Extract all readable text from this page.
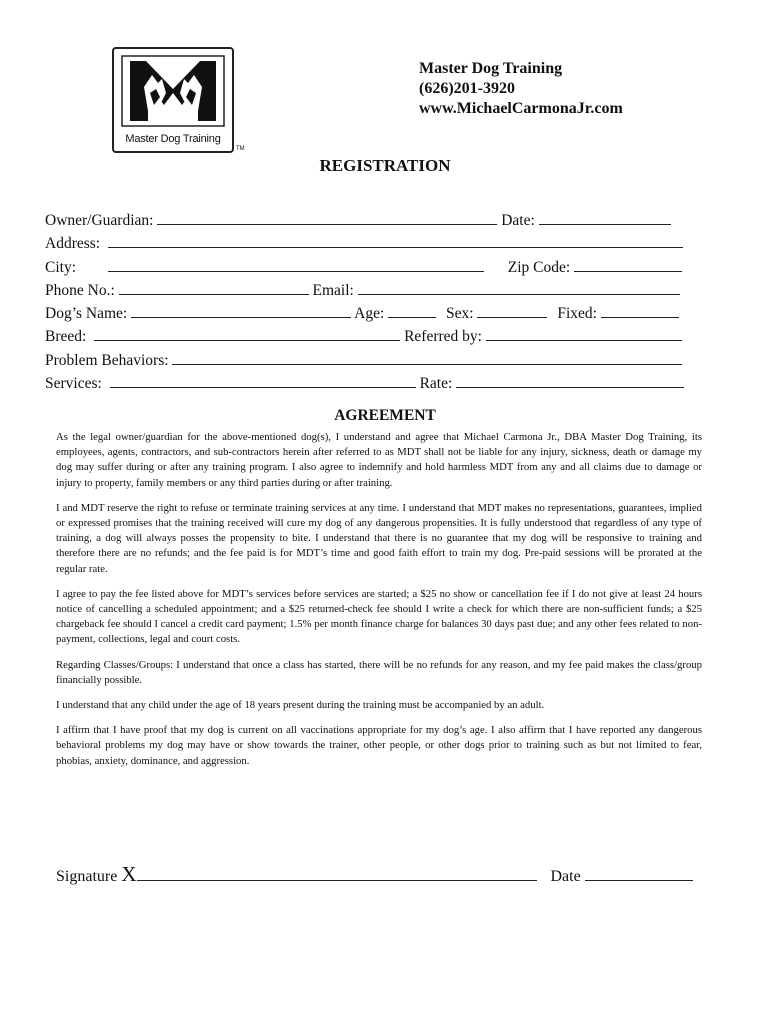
Master Dog Training
TM
Master Dog Training
(626)201-3920
www.MichaelCarmonaJr.com
REGISTRATION
Owner/Guardian:	Date:
Address:
City:	Zip Code:
Phone No.:	Email:
Dog’s Name:	Age:	Sex:	Fixed:
Breed:	Referred by:
Problem Behaviors:
Services:	Rate:
AGREEMENT

As the legal owner/guardian for the above-mentioned dog(s), I understand and agree that Michael Carmona Jr., DBA Master Dog Training, its employees, agents, contractors, and sub-contractors herein after referred to as MDT shall not be liable for any injury, sickness, death or damage my dog may suffer during or after any training program. I also agree to indemnify and hold harmless MDT from any and all claims due to damage or injury to property, family members or any third parties during or after training.

I and MDT reserve the right to refuse or terminate training services at any time. I understand that MDT makes no representations, guarantees, implied or expressed promises that the training received will cure my dog of any dangerous propensities. It is fully understood that regardless of any type of training, a dog will always posses the propensity to bite. I understand that there is no guarantee that my dog will be responsive to training and therefore there are no refunds; and the fee paid is for MDT’s time and good faith effort to train my dog. Pre-paid sessions will be prorated at the regular rate.

I agree to pay the fee listed above for MDT’s services before services are started; a $25 no show or cancellation fee if I do not give at least 24 hours notice of cancelling a scheduled appointment; and a $25 returned-check fee should I write a check for which there are non-sufficient funds; a $25 chargeback fee should I cancel a credit card payment; 1.5% per month finance charge for balances 30 days past due; and any other fees related to non-payment, collections, legal and court costs.

Regarding Classes/Groups: I understand that once a class has started, there will be no refunds for any reason, and my fee paid makes the class/group financially possible.

I understand that any child under the age of 18 years present during the training must be accompanied by an adult.

I affirm that I have proof that my dog is current on all vaccinations appropriate for my dog’s age. I also affirm that I have reported any dangerous behavioral problems my dog may have or show towards the trainer, other people, or other dogs prior to training such as but not limited to fear, phobias, anxiety, dominance, and aggression.

Signature X	Date
